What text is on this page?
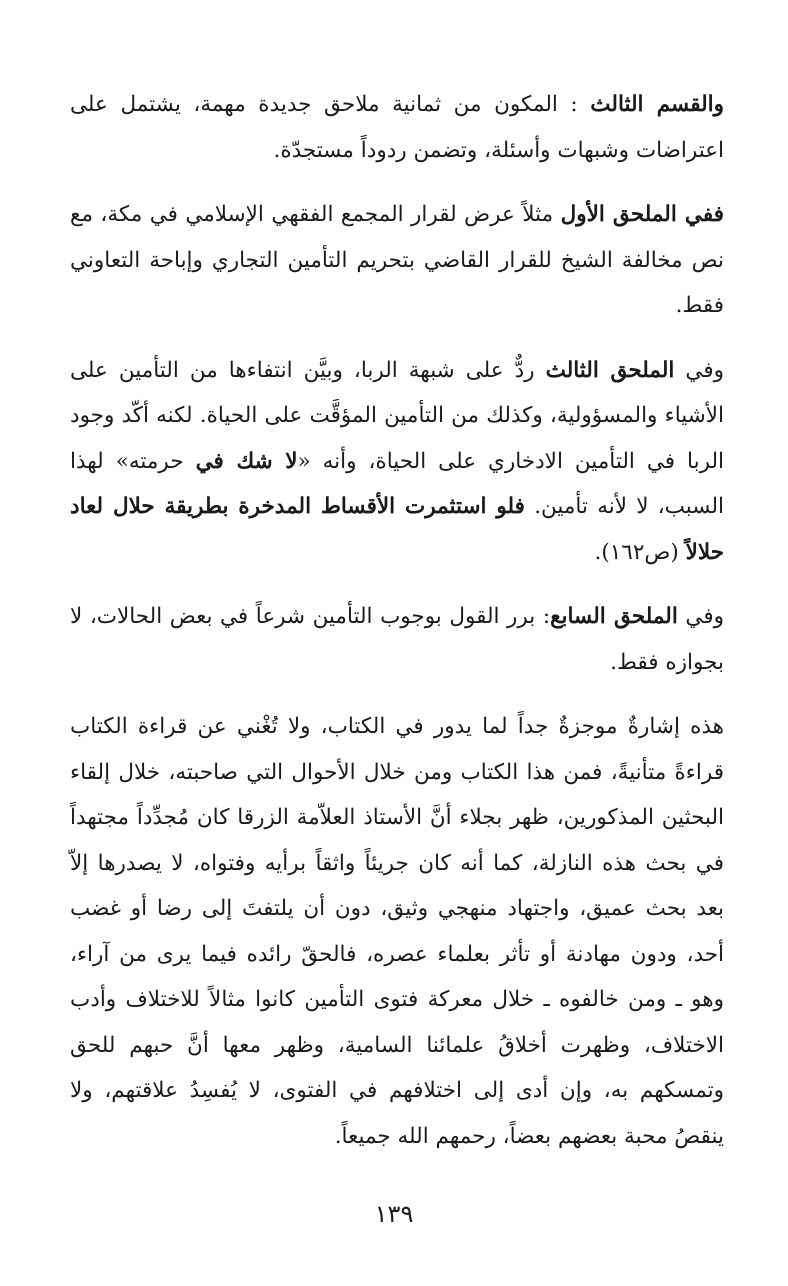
والقسم الثالث : المكون من ثمانية ملاحق جديدة مهمة، يشتمل على اعتراضات وشبهات وأسئلة، وتضمن ردوداً مستجدّة.

ففي الملحق الأول مثلاً عرض لقرار المجمع الفقهي الإسلامي في مكة، مع نص مخالفة الشيخ للقرار القاضي بتحريم التأمين التجاري وإباحة التعاوني فقط.

وفي الملحق الثالث ردٌّ على شبهة الربا، وبيَّن انتفاءها من التأمين على الأشياء والمسؤولية، وكذلك من التأمين المؤقَّت على الحياة. لكنه أكّد وجود الربا في التأمين الادخاري على الحياة، وأنه «لا شك في حرمته» لهذا السبب، لا لأنه تأمين. فلو استثمرت الأقساط المدخرة بطريقة حلال لعاد حلالاً (ص١٦٢).

وفي الملحق السابع: برر القول بوجوب التأمين شرعاً في بعض الحالات، لا بجوازه فقط.

هذه إشارةٌ موجزةٌ جداً لما يدور في الكتاب، ولا تُغْني عن قراءة الكتاب قراءةً متأنيةً، فمن هذا الكتاب ومن خلال الأحوال التي صاحبته، خلال إلقاء البحثين المذكورين، ظهر بجلاء أنَّ الأستاذ العلاّمة الزرقا كان مُجدِّداً مجتهداً في بحث هذه النازلة، كما أنه كان جريئاً واثقاً برأيه وفتواه، لا يصدرها إلاّ بعد بحث عميق، واجتهاد منهجي وثيق، دون أن يلتفتَ إلى رضا أو غضب أحد، ودون مهادنة أو تأثر بعلماء عصره، فالحقّ رائده فيما يرى من آراء، وهو ـ ومن خالفوه ـ خلال معركة فتوى التأمين كانوا مثالاً للاختلاف وأدب الاختلاف، وظهرت أخلاقُ علمائنا السامية، وظهر معها أنَّ حبهم للحق وتمسكهم به، وإن أدى إلى اختلافهم في الفتوى، لا يُفسِدُ علاقتهم، ولا ينقصُ محبة بعضهم بعضاً، رحمهم الله جميعاً.

١٣٩
